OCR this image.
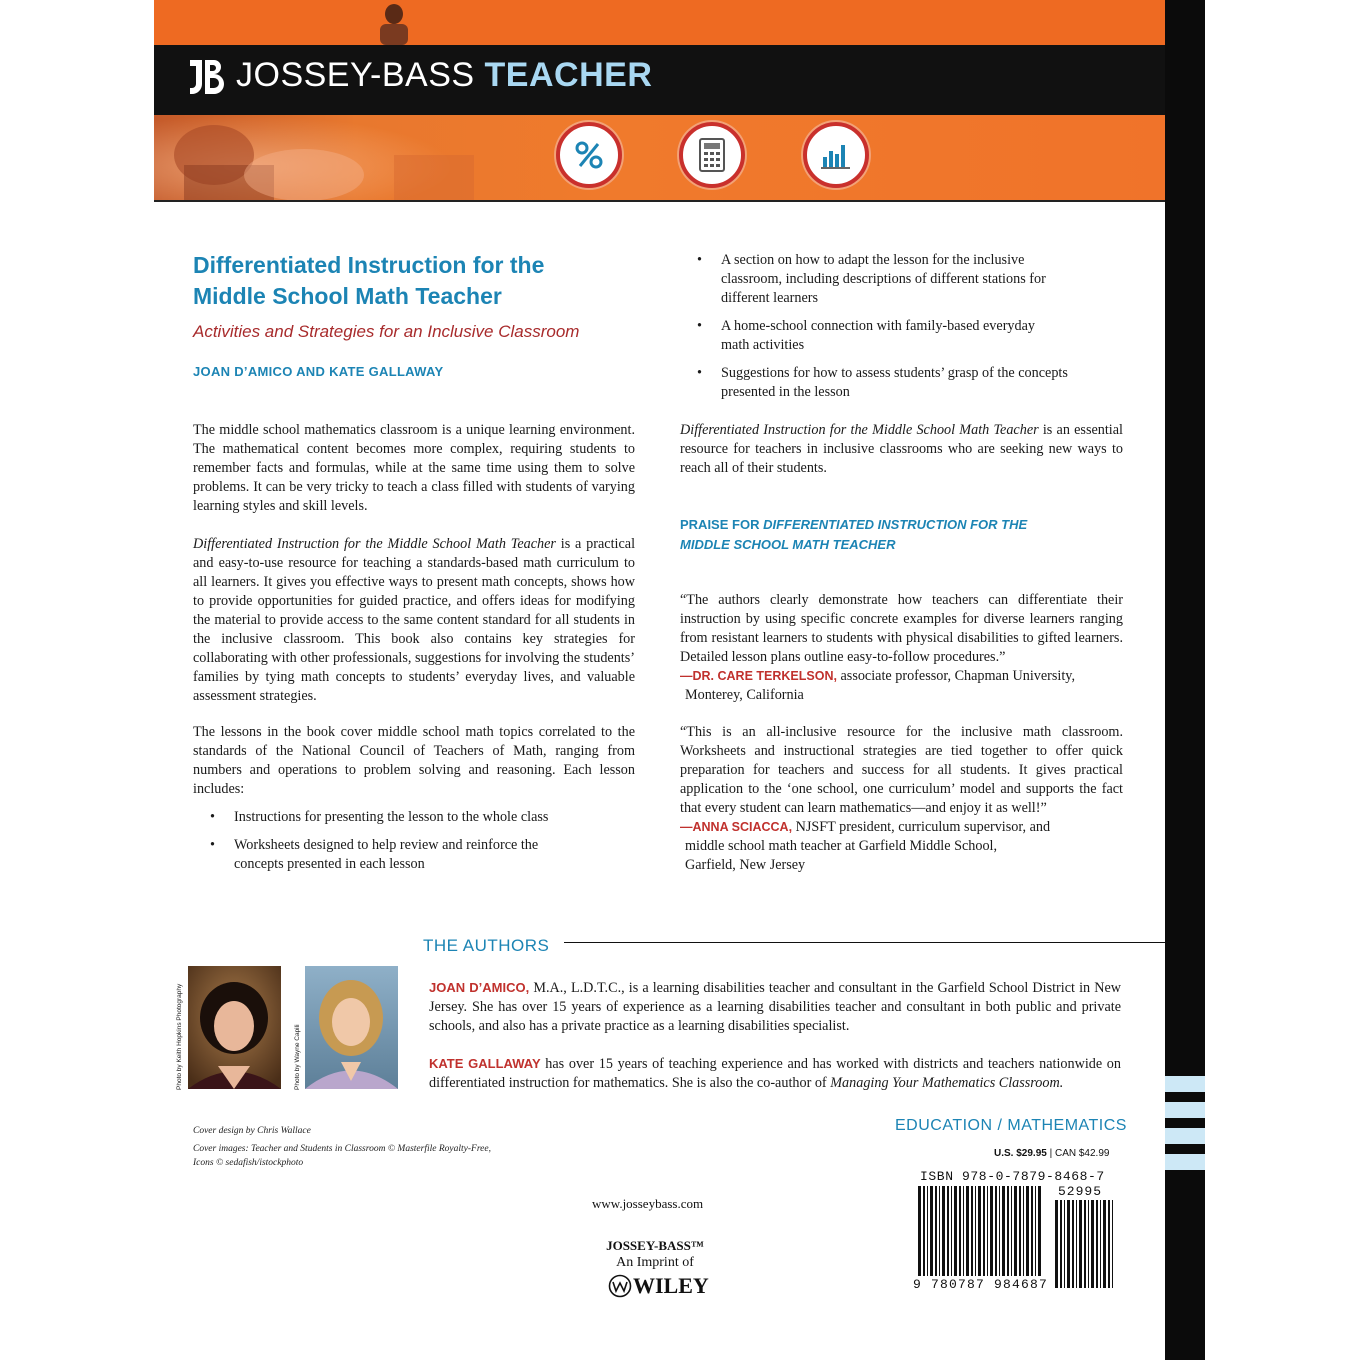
JOSSEY-BASS TEACHER
Differentiated Instruction for the
Middle School Math Teacher
Activities and Strategies for an Inclusive Classroom
JOAN D’AMICO AND KATE GALLAWAY
The middle school mathematics classroom is a unique learning environment. The mathematical content becomes more complex, requiring students to remember facts and formulas, while at the same time using them to solve problems. It can be very tricky to teach a class filled with students of varying learning styles and skill levels.
Differentiated Instruction for the Middle School Math Teacher is a practical and easy-to-use resource for teaching a standards-based math curriculum to all learners. It gives you effective ways to present math concepts, shows how to provide opportunities for guided practice, and offers ideas for modifying the material to provide access to the same content standard for all students in the inclusive classroom. This book also contains key strategies for collaborating with other professionals, suggestions for involving the students’ families by tying math concepts to students’ everyday lives, and valuable assessment strategies.
The lessons in the book cover middle school math topics correlated to the standards of the National Council of Teachers of Math, ranging from numbers and operations to problem solving and reasoning. Each lesson includes:
• Instructions for presenting the lesson to the whole class
• Worksheets designed to help review and reinforce the concepts presented in each lesson
• A section on how to adapt the lesson for the inclusive classroom, including descriptions of different stations for different learners
• A home-school connection with family-based everyday math activities
• Suggestions for how to assess students’ grasp of the concepts presented in the lesson
Differentiated Instruction for the Middle School Math Teacher is an essential resource for teachers in inclusive classrooms who are seeking new ways to reach all of their students.
PRAISE FOR DIFFERENTIATED INSTRUCTION FOR THE
MIDDLE SCHOOL MATH TEACHER
“The authors clearly demonstrate how teachers can differentiate their instruction by using specific concrete examples for diverse learners ranging from resistant learners to students with physical disabilities to gifted learners. Detailed lesson plans outline easy-to-follow procedures.”
—DR. CARE TERKELSON, associate professor, Chapman University,
Monterey, California
“This is an all-inclusive resource for the inclusive math classroom. Worksheets and instructional strategies are tied together to offer quick preparation for teachers and success for all students. It gives practical application to the ‘one school, one curriculum’ model and supports the fact that every student can learn mathematics—and enjoy it as well!”
—ANNA SCIACCA, NJSFT president, curriculum supervisor, and
middle school math teacher at Garfield Middle School,
Garfield, New Jersey
THE AUTHORS
Photo by Keith Hopkins Photography	Photo by Wayne Capili
JOAN D’AMICO, M.A., L.D.T.C., is a learning disabilities teacher and consultant in the Garfield School District in New Jersey. She has over 15 years of experience as a learning disabilities teacher and consultant in both public and private schools, and also has a private practice as a learning disabilities specialist.
KATE GALLAWAY has over 15 years of teaching experience and has worked with districts and teachers nationwide on differentiated instruction for mathematics. She is also the co-author of Managing Your Mathematics Classroom.
Cover design by Chris Wallace
Cover images: Teacher and Students in Classroom © Masterfile Royalty-Free,
Icons © sedafish/istockphoto
EDUCATION / MATHEMATICS
U.S. $29.95 | CAN $42.99
ISBN 978-0-7879-8468-7
52995
9 780787 984687
www.josseybass.com
JOSSEY-BASS™
An Imprint of
WILEY
